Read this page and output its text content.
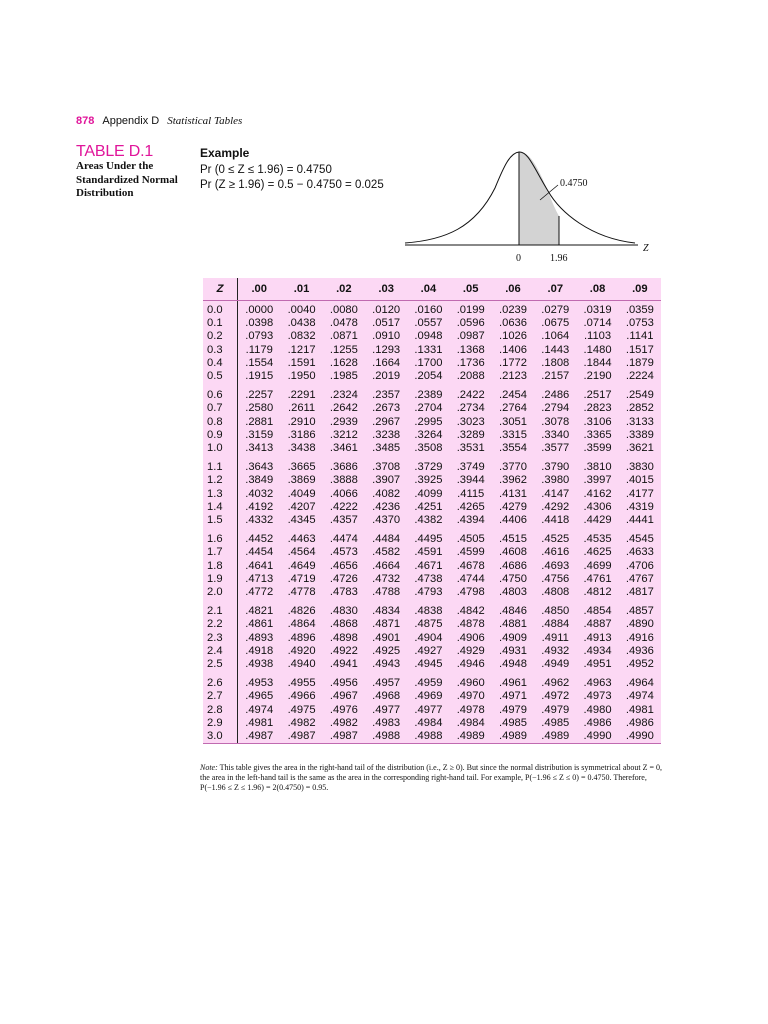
878 Appendix D Statistical Tables
TABLE D.1
Areas Under the Standardized Normal Distribution
Example
Pr (0 ≤ Z ≤ 1.96) = 0.4750
Pr (Z ≥ 1.96) = 0.5 − 0.4750 = 0.025	0.4750
0	1.96
Z
Z	.00	.01	.02	.03	.04	.05	.06	.07	.08	.09
0.0	.0000	.0040	.0080	.0120	.0160	.0199	.0239	.0279	.0319	.0359
0.1	.0398	.0438	.0478	.0517	.0557	.0596	.0636	.0675	.0714	.0753
0.2	.0793	.0832	.0871	.0910	.0948	.0987	.1026	.1064	.1103	.1141
0.3	.1179	.1217	.1255	.1293	.1331	.1368	.1406	.1443	.1480	.1517
0.4	.1554	.1591	.1628	.1664	.1700	.1736	.1772	.1808	.1844	.1879
0.5	.1915	.1950	.1985	.2019	.2054	.2088	.2123	.2157	.2190	.2224
0.6	.2257	.2291	.2324	.2357	.2389	.2422	.2454	.2486	.2517	.2549
0.7	.2580	.2611	.2642	.2673	.2704	.2734	.2764	.2794	.2823	.2852
0.8	.2881	.2910	.2939	.2967	.2995	.3023	.3051	.3078	.3106	.3133
0.9	.3159	.3186	.3212	.3238	.3264	.3289	.3315	.3340	.3365	.3389
1.0	.3413	.3438	.3461	.3485	.3508	.3531	.3554	.3577	.3599	.3621
1.1	.3643	.3665	.3686	.3708	.3729	.3749	.3770	.3790	.3810	.3830
1.2	.3849	.3869	.3888	.3907	.3925	.3944	.3962	.3980	.3997	.4015
1.3	.4032	.4049	.4066	.4082	.4099	.4115	.4131	.4147	.4162	.4177
1.4	.4192	.4207	.4222	.4236	.4251	.4265	.4279	.4292	.4306	.4319
1.5	.4332	.4345	.4357	.4370	.4382	.4394	.4406	.4418	.4429	.4441
1.6	.4452	.4463	.4474	.4484	.4495	.4505	.4515	.4525	.4535	.4545
1.7	.4454	.4564	.4573	.4582	.4591	.4599	.4608	.4616	.4625	.4633
1.8	.4641	.4649	.4656	.4664	.4671	.4678	.4686	.4693	.4699	.4706
1.9	.4713	.4719	.4726	.4732	.4738	.4744	.4750	.4756	.4761	.4767
2.0	.4772	.4778	.4783	.4788	.4793	.4798	.4803	.4808	.4812	.4817
2.1	.4821	.4826	.4830	.4834	.4838	.4842	.4846	.4850	.4854	.4857
2.2	.4861	.4864	.4868	.4871	.4875	.4878	.4881	.4884	.4887	.4890
2.3	.4893	.4896	.4898	.4901	.4904	.4906	.4909	.4911	.4913	.4916
2.4	.4918	.4920	.4922	.4925	.4927	.4929	.4931	.4932	.4934	.4936
2.5	.4938	.4940	.4941	.4943	.4945	.4946	.4948	.4949	.4951	.4952
2.6	.4953	.4955	.4956	.4957	.4959	.4960	.4961	.4962	.4963	.4964
2.7	.4965	.4966	.4967	.4968	.4969	.4970	.4971	.4972	.4973	.4974
2.8	.4974	.4975	.4976	.4977	.4977	.4978	.4979	.4979	.4980	.4981
2.9	.4981	.4982	.4982	.4983	.4984	.4984	.4985	.4985	.4986	.4986
3.0	.4987	.4987	.4987	.4988	.4988	.4989	.4989	.4989	.4990	.4990
Note: This table gives the area in the right-hand tail of the distribution (i.e., Z ≥ 0). But since the normal distribution is symmetrical about Z = 0, the area in the left-hand tail is the same as the area in the corresponding right-hand tail. For example, P(−1.96 ≤ Z ≤ 0) = 0.4750. Therefore, P(−1.96 ≤ Z ≤ 1.96) = 2(0.4750) = 0.95.
